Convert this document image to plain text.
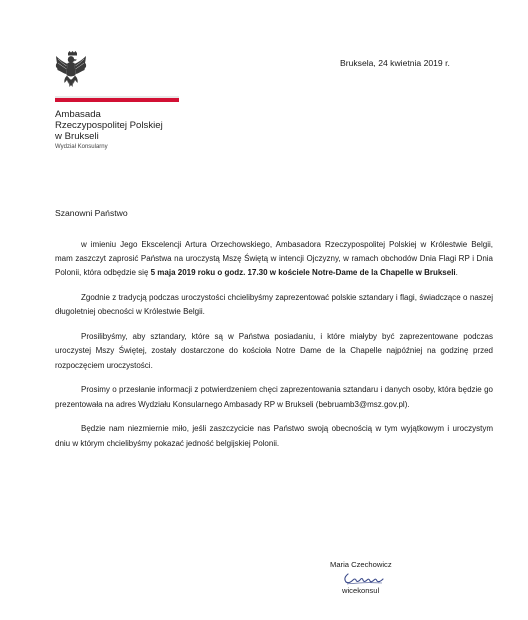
Ambasada
Rzeczypospolitej Polskiej
w Brukseli
Wydział Konsularny
Bruksela, 24 kwietnia 2019 r.
Szanowni Państwo

w imieniu Jego Ekscelencji Artura Orzechowskiego, Ambasadora Rzeczypospolitej Polskiej w Królestwie Belgii, mam zaszczyt zaprosić Państwa na uroczystą Mszę Świętą w intencji Ojczyzny, w ramach obchodów Dnia Flagi RP i Dnia Polonii, która odbędzie się 5 maja 2019 roku o godz. 17.30 w kościele Notre-Dame de la Chapelle w Brukseli.

Zgodnie z tradycją podczas uroczystości chcielibyśmy zaprezentować polskie sztandary i flagi, świadczące o naszej długoletniej obecności w Królestwie Belgii.

Prosilibyśmy, aby sztandary, które są w Państwa posiadaniu, i które miałyby być zaprezentowane podczas uroczystej Mszy Świętej, zostały dostarczone do kościoła Notre Dame de la Chapelle najpóźniej na godzinę przed rozpoczęciem uroczystości.

Prosimy o przesłanie informacji z potwierdzeniem chęci zaprezentowania sztandaru i danych osoby, która będzie go prezentowała na adres Wydziału Konsularnego Ambasady RP w Brukseli (bebruamb3@msz.gov.pl).

Będzie nam niezmiernie miło, jeśli zaszczycicie nas Państwo swoją obecnością w tym wyjątkowym i uroczystym dniu w którym chcielibyśmy pokazać jedność belgijskiej Polonii.

Maria Czechowicz
wicekonsul
